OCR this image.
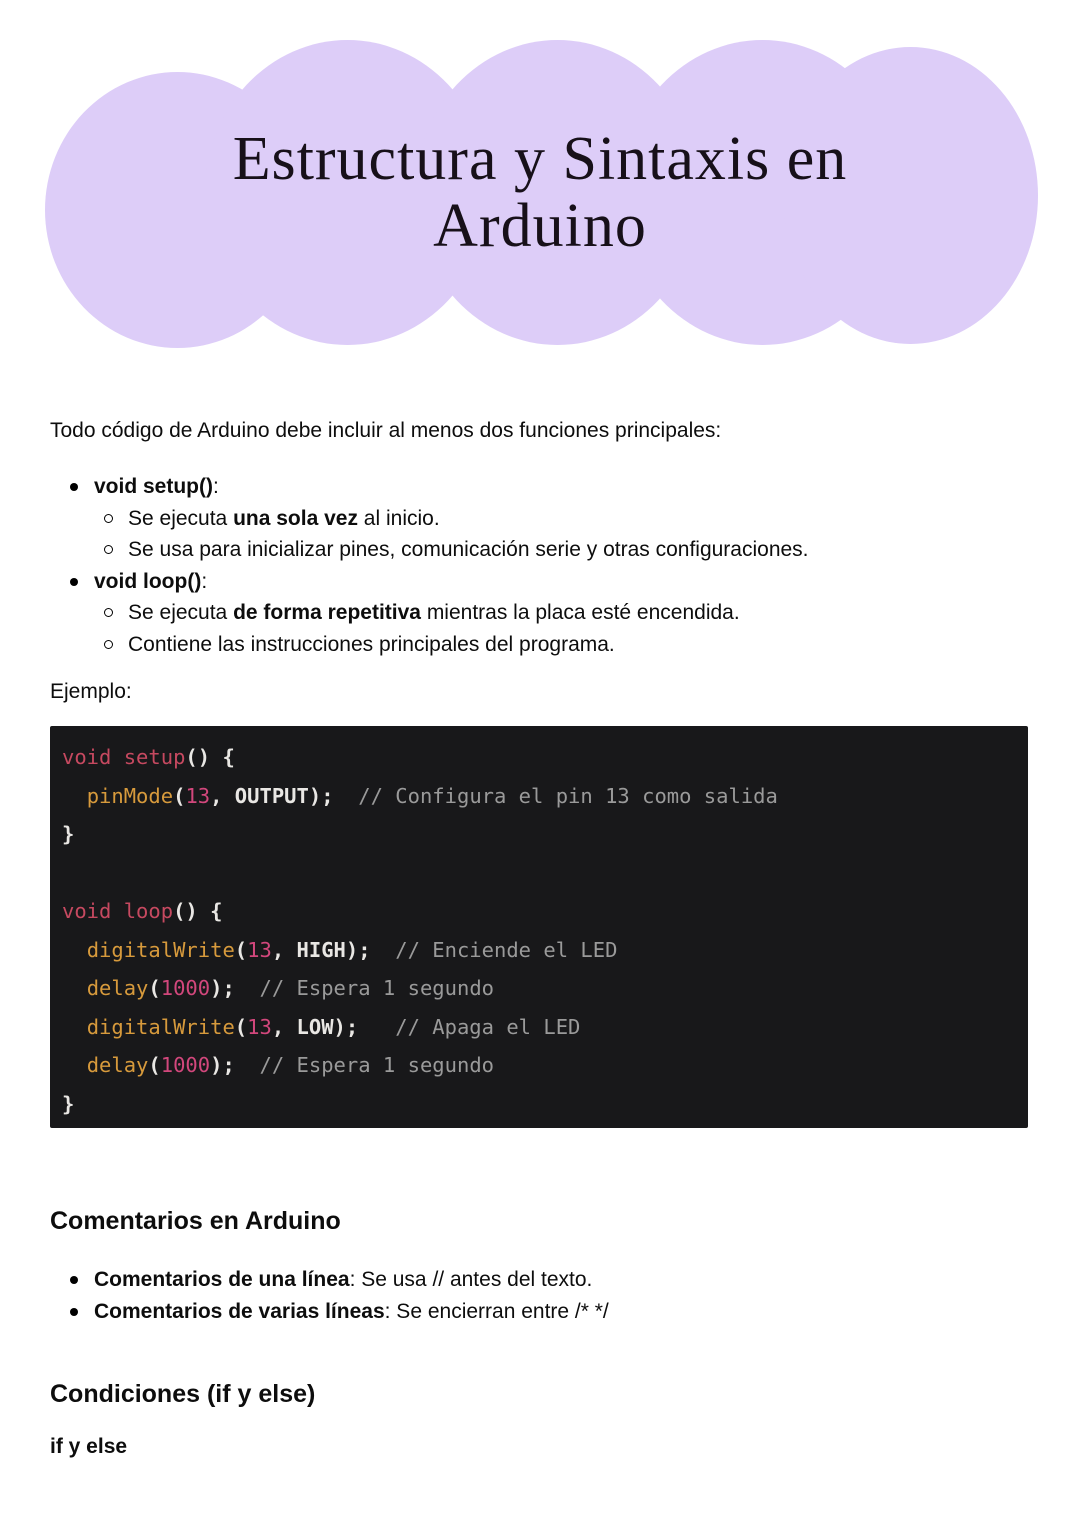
Estructura y Sintaxis en
Arduino

Todo código de Arduino debe incluir al menos dos funciones principales:

void setup():
Se ejecuta una sola vez al inicio.
Se usa para inicializar pines, comunicación serie y otras configuraciones.
void loop():
Se ejecuta de forma repetitiva mientras la placa esté encendida.
Contiene las instrucciones principales del programa.

Ejemplo:

void setup() {
pinMode(13, OUTPUT);  // Configura el pin 13 como salida
}
void loop() {
digitalWrite(13, HIGH);  // Enciende el LED
delay(1000);  // Espera 1 segundo
digitalWrite(13, LOW);   // Apaga el LED
delay(1000);  // Espera 1 segundo
}
Comentarios en Arduino
Comentarios de una línea: Se usa // antes del texto.
Comentarios de varias líneas: Se encierran entre /* */
Condiciones (if y else)

if y else
